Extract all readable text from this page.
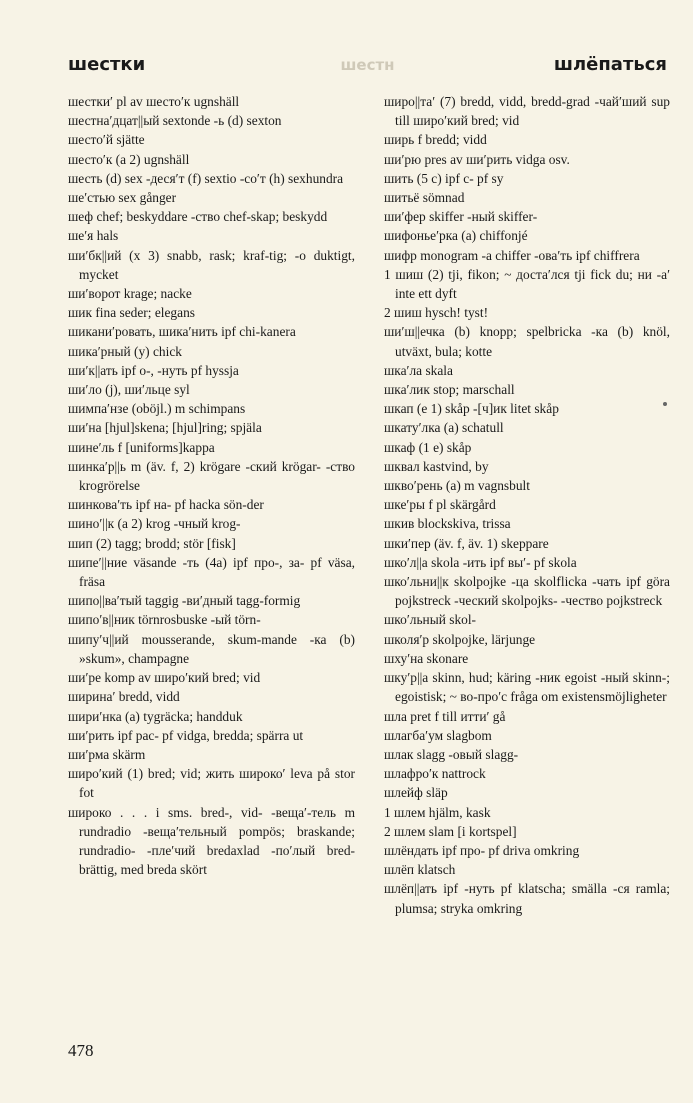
шестки	шестн	шлёпаться
шестки′ pl av шесто′к ugnshäll
шестна′дцат||ый sextonde -ь (d) sexton
шесто′й sjätte
шесто′к (a 2) ugnshäll
шесть (d) sex -деся′т (f) sextio -со′т (h) sexhundra
ше′стью sex gånger
шеф chef; beskyddare -ство chef-skap; beskydd
ше′я hals
ши′бк||ий (x 3) snabb, rask; kraf-tig; -o duktigt, mycket
ши′ворот krage; nacke
шик fina seder; elegans
шикани′ровать, шика′нить ipf chi-kanera
шика′рный (y) chick
ши′к||ать ipf о-, -нуть pf hyssja
ши′ло (j), ши′льце syl
шимпа′нзе (oböjl.) m schimpans
ши′на [hjul]skena; [hjul]ring; spjäla
шине′ль f [uniforms]kappa
шинка′р||ь m (äv. f, 2) krögare -ский krögar- -ство krogrörelse
шинкова′ть ipf на- pf hacka sön-der
шино′||к (a 2) krog -чный krog-
шип (2) tagg; brodd; stör [fisk]
шипе′||ние väsande -ть (4a) ipf про-, за- pf väsa, fräsa
шипо||ва′тый taggig -ви′дный tagg-formig
шипо′в||ник törnrosbuske -ый törn-
шипу′ч||ий mousserande, skum-mande -ка (b) »skum», champagne
ши′ре komp av широ′кий bred; vid
ширина′ bredd, vidd
шири′нка (a) tygräcka; handduk
ши′рить ipf рас- pf vidga, bredda; spärra ut
ши′рма skärm
широ′кий (1) bred; vid; жить широко′ leva på stor fot
широко . . . i sms. bred-, vid- -веща′-тель m rundradio -веща′тельный pompös; braskande; rundradio- -пле′чий bredaxlad -по′лый bred-brättig, med breda skört
широ||та′ (7) bredd, vidd, bredd-grad -чай′ший sup till широ′кий bred; vid
ширь f bredd; vidd
ши′рю pres av ши′рить vidga osv.
шить (5 c) ipf с- pf sy
шитьё sömnad
ши′фер skiffer -ный skiffer-
шифонье′рка (a) chiffonjé
шифр monogram -а chiffer -ова′ть ipf chiffrera
1 шиш (2) tji, fikon; ~ доста′лся tji fick du; ни -а′ inte ett dyft
2 шиш hysch! tyst!
ши′ш||ечка (b) knopp; spelbricka -ка (b) knöl, utväxt, bula; kotte
шка′ла skala
шка′лик stop; marschall
шкап (e 1) skåp -[ч]ик litet skåp
шкату′лка (a) schatull
шкаф (1 e) skåp
шквал kastvind, by
шкво′рень (a) m vagnsbult
шке′ры f pl skärgård
шкив blockskiva, trissa
шки′пер (äv. f, äv. 1) skeppare
шко′л||а skola -ить ipf вы′- pf skola
шко′льни||к skolpojke -ца skolflicka -чать ipf göra pojkstreck -ческий skolpojks- -чество pojkstreck
шко′льный skol-
школя′р skolpojke, lärjunge
шху′на skonare
шку′р||а skinn, hud; käring -ник egoist -ный skinn-; egoistisk; ~ во-про′с fråga om existensmöjligheter
шла pret f till итти′ gå
шлагба′ум slagbom
шлак slagg -овый slagg-
шлафро′к nattrock
шлейф släp
1 шлем hjälm, kask
2 шлем slam [i kortspel]
шлёндать ipf про- pf driva omkring
шлёп klatsch
шлёп||ать ipf -нуть pf klatscha; smälla -ся ramla; plumsa; stryka omkring
478
